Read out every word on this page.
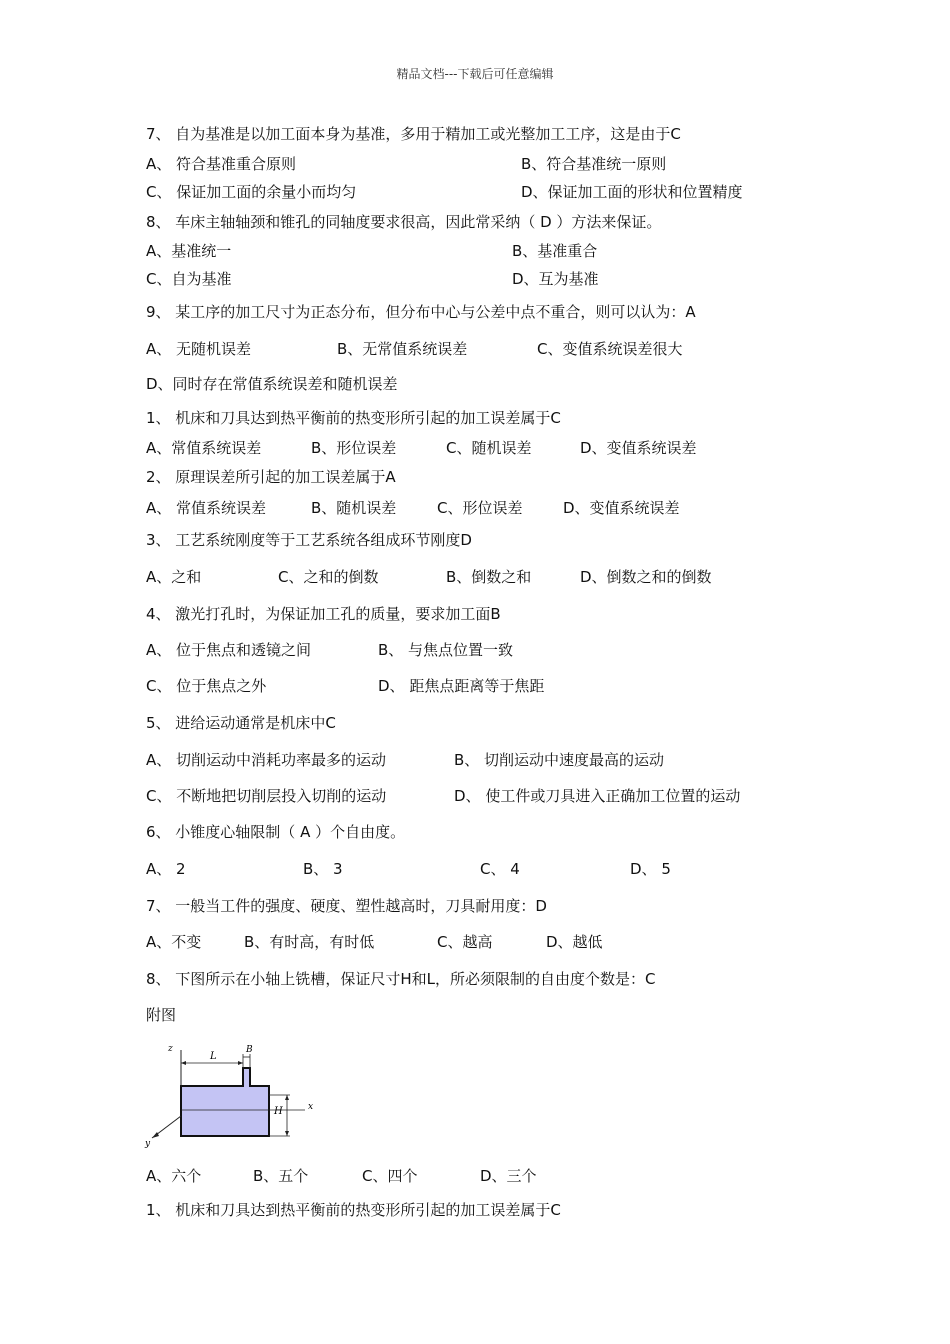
精品文档---下载后可任意编辑
7、 自为基准是以加工面本身为基准，多用于精加工或光整加工工序，这是由于C
A、 符合基准重合原则	B、符合基准统一原则
C、 保证加工面的余量小而均匀	D、保证加工面的形状和位置精度
8、 车床主轴轴颈和锥孔的同轴度要求很高，因此常采纳（ D ）方法来保证。
A、基准统一	B、基准重合
C、自为基准	D、互为基准
9、 某工序的加工尺寸为正态分布，但分布中心与公差中点不重合，则可以认为：A
A、 无随机误差	B、无常值系统误差	C、变值系统误差很大
D、同时存在常值系统误差和随机误差
1、 机床和刀具达到热平衡前的热变形所引起的加工误差属于C
A、常值系统误差	B、形位误差	C、随机误差	D、变值系统误差
2、 原理误差所引起的加工误差属于A
A、 常值系统误差	B、随机误差	C、形位误差	D、变值系统误差
3、 工艺系统刚度等于工艺系统各组成环节刚度D
A、之和	C、之和的倒数	B、倒数之和	D、倒数之和的倒数
4、 激光打孔时，为保证加工孔的质量，要求加工面B
A、 位于焦点和透镜之间	B、 与焦点位置一致
C、 位于焦点之外	D、 距焦点距离等于焦距
5、 进给运动通常是机床中C
A、 切削运动中消耗功率最多的运动	B、 切削运动中速度最高的运动
C、 不断地把切削层投入切削的运动	D、 使工件或刀具进入正确加工位置的运动
6、 小锥度心轴限制（ A ）个自由度。
A、 2	B、 3	C、 4	D、 5
7、 一般当工件的强度、硬度、塑性越高时，刀具耐用度：D
A、不变	B、有时高，有时低	C、越高	D、越低
8、 下图所示在小轴上铣槽，保证尺寸H和L，所必须限制的自由度个数是：C
附图
z
x
y
L
B
H
A、六个	B、五个	C、四个	D、三个
1、 机床和刀具达到热平衡前的热变形所引起的加工误差属于C
